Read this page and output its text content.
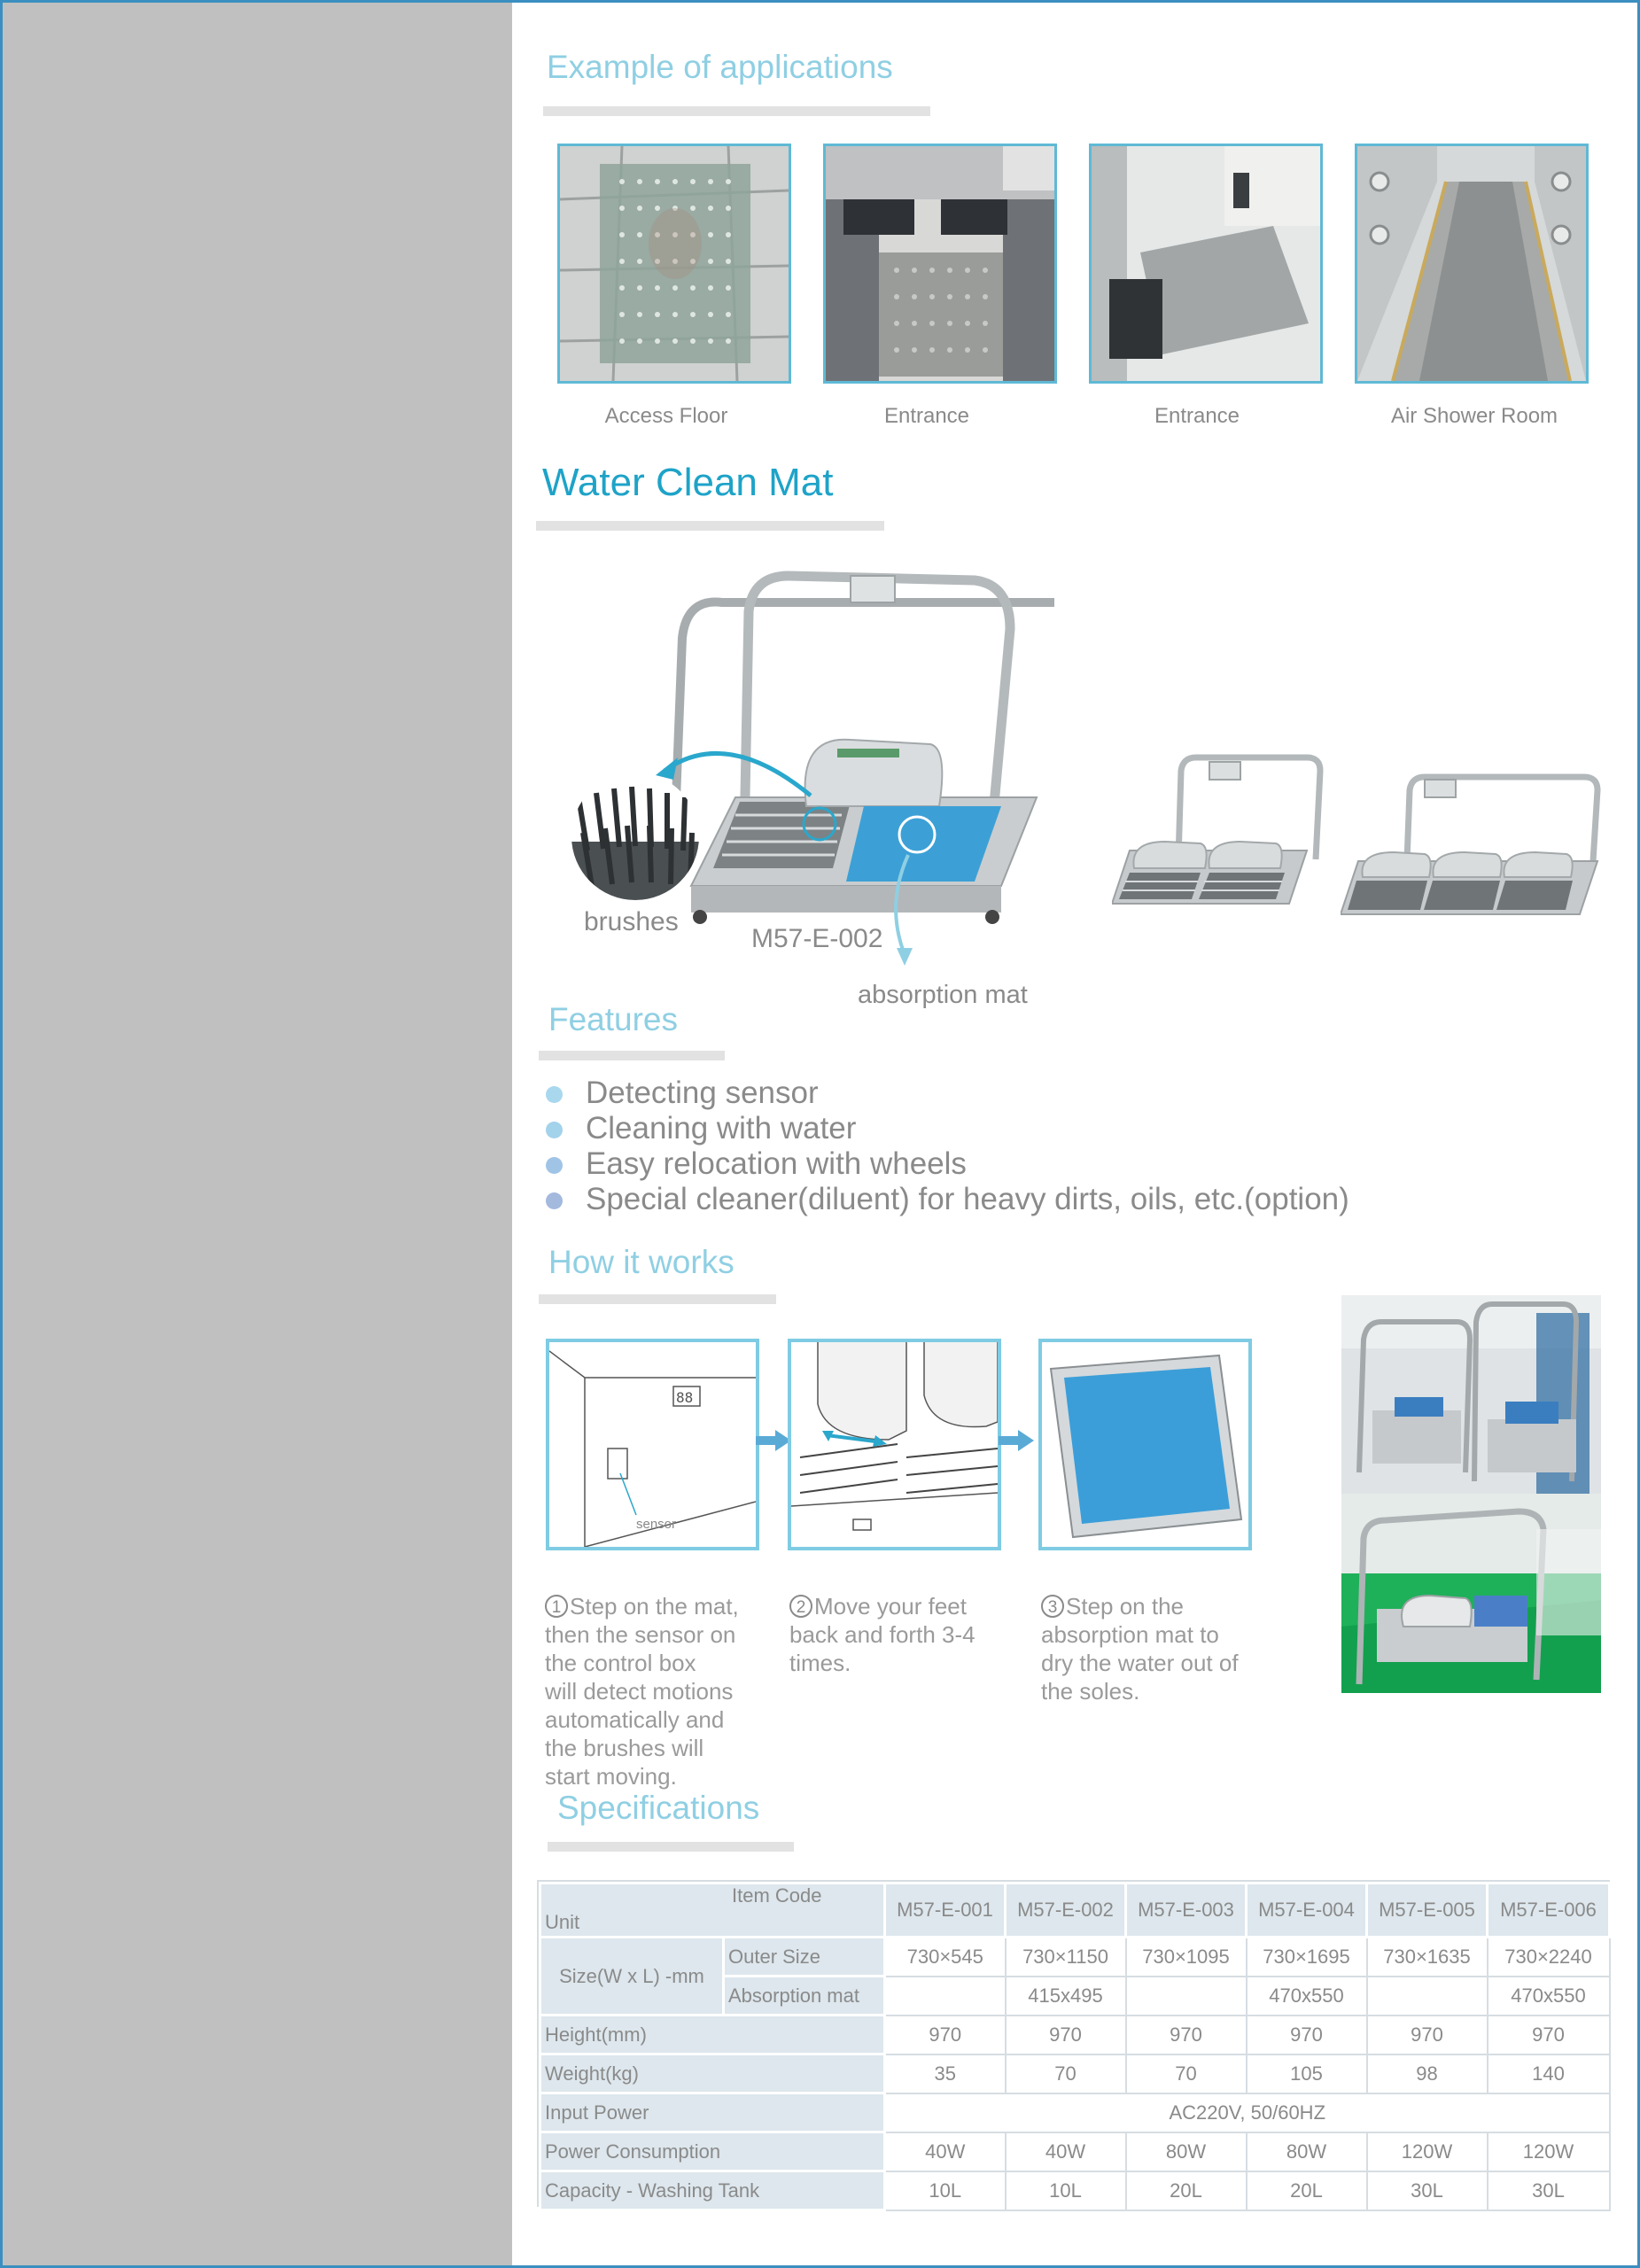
Example of applications
Access Floor	Entrance	Entrance	Air Shower Room
Water Clean Mat
brushes
M57-E-002
absorption mat
Features
Detecting sensor
Cleaning with water
Easy relocation with wheels
Special cleaner(diluent) for heavy dirts, oils, etc.(option)
How it works
88
sensor

1 Step on the mat,
then the sensor on
the control box
will detect motions
automatically and
the brushes will
start moving.

2 Move your feet
back and forth 3-4
times.

3 Step on the
absorption mat to
dry the water out of
the soles.

Specifications
Item Code
Unit		M57-E-001	M57-E-002	M57-E-003	M57-E-004	M57-E-005	M57-E-006
Size(W x L) -mm	Outer Size	730×545	730×1150	730×1095	730×1695	730×1635	730×2240
	Absorption mat		415x495		470x550		470x550
Height(mm)		970	970	970	970	970	970
Weight(kg)		35	70	70	105	98	140
Input Power		AC220V, 50/60HZ					
Power Consumption		40W	40W	80W	80W	120W	120W
Capacity - Washing Tank		10L	10L	20L	20L	30L	30L
